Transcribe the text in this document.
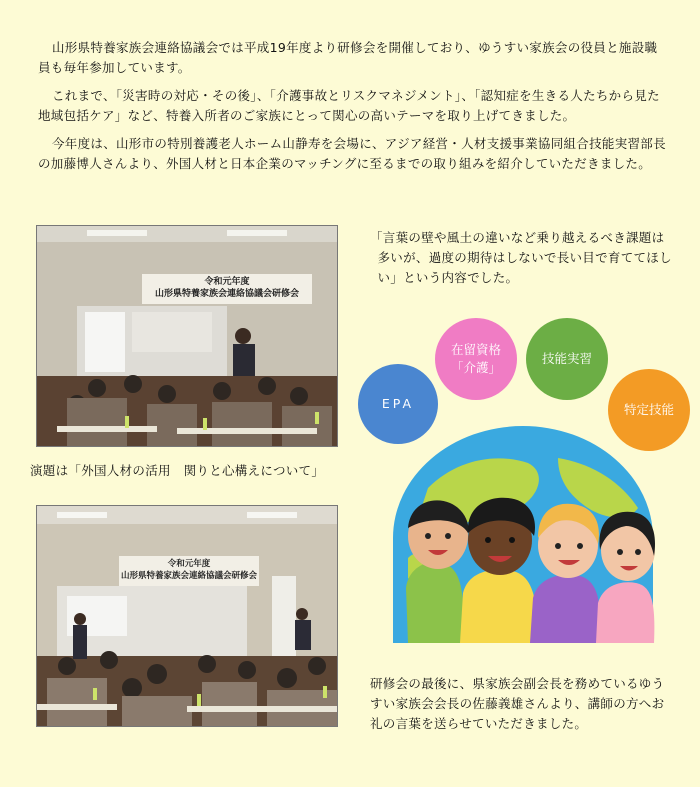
山形県特養家族会連絡協議会では平成19年度より研修会を開催しており、ゆうすい家族会の役員と施設職員も毎年参加しています。

これまで、「災害時の対応・その後」、「介護事故とリスクマネジメント」、「認知症を生きる人たちから見た地域包括ケア」など、特養入所者のご家族にとって関心の高いテーマを取り上げてきました。

今年度は、山形市の特別養護老人ホーム山静寿を会場に、アジア経営・人材支援事業協同組合技能実習部長の加藤博人さんより、外国人材と日本企業のマッチングに至るまでの取り組みを紹介していただきました。

令和元年度
山形県特養家族会連絡協議会研修会
演題は「外国人材の活用　関りと心構えについて」
令和元年度
山形県特養家族会連絡協議会研修会

「言葉の壁や風土の違いなど乗り越えるべき課題は多いが、過度の期待はしないで長い目で育ててほしい」という内容でした。

EPA
在留資格
「介護」
技能実習
特定技能

研修会の最後に、県家族会副会長を務めているゆうすい家族会会長の佐藤義雄さんより、講師の方へお礼の言葉を送らせていただきました。
